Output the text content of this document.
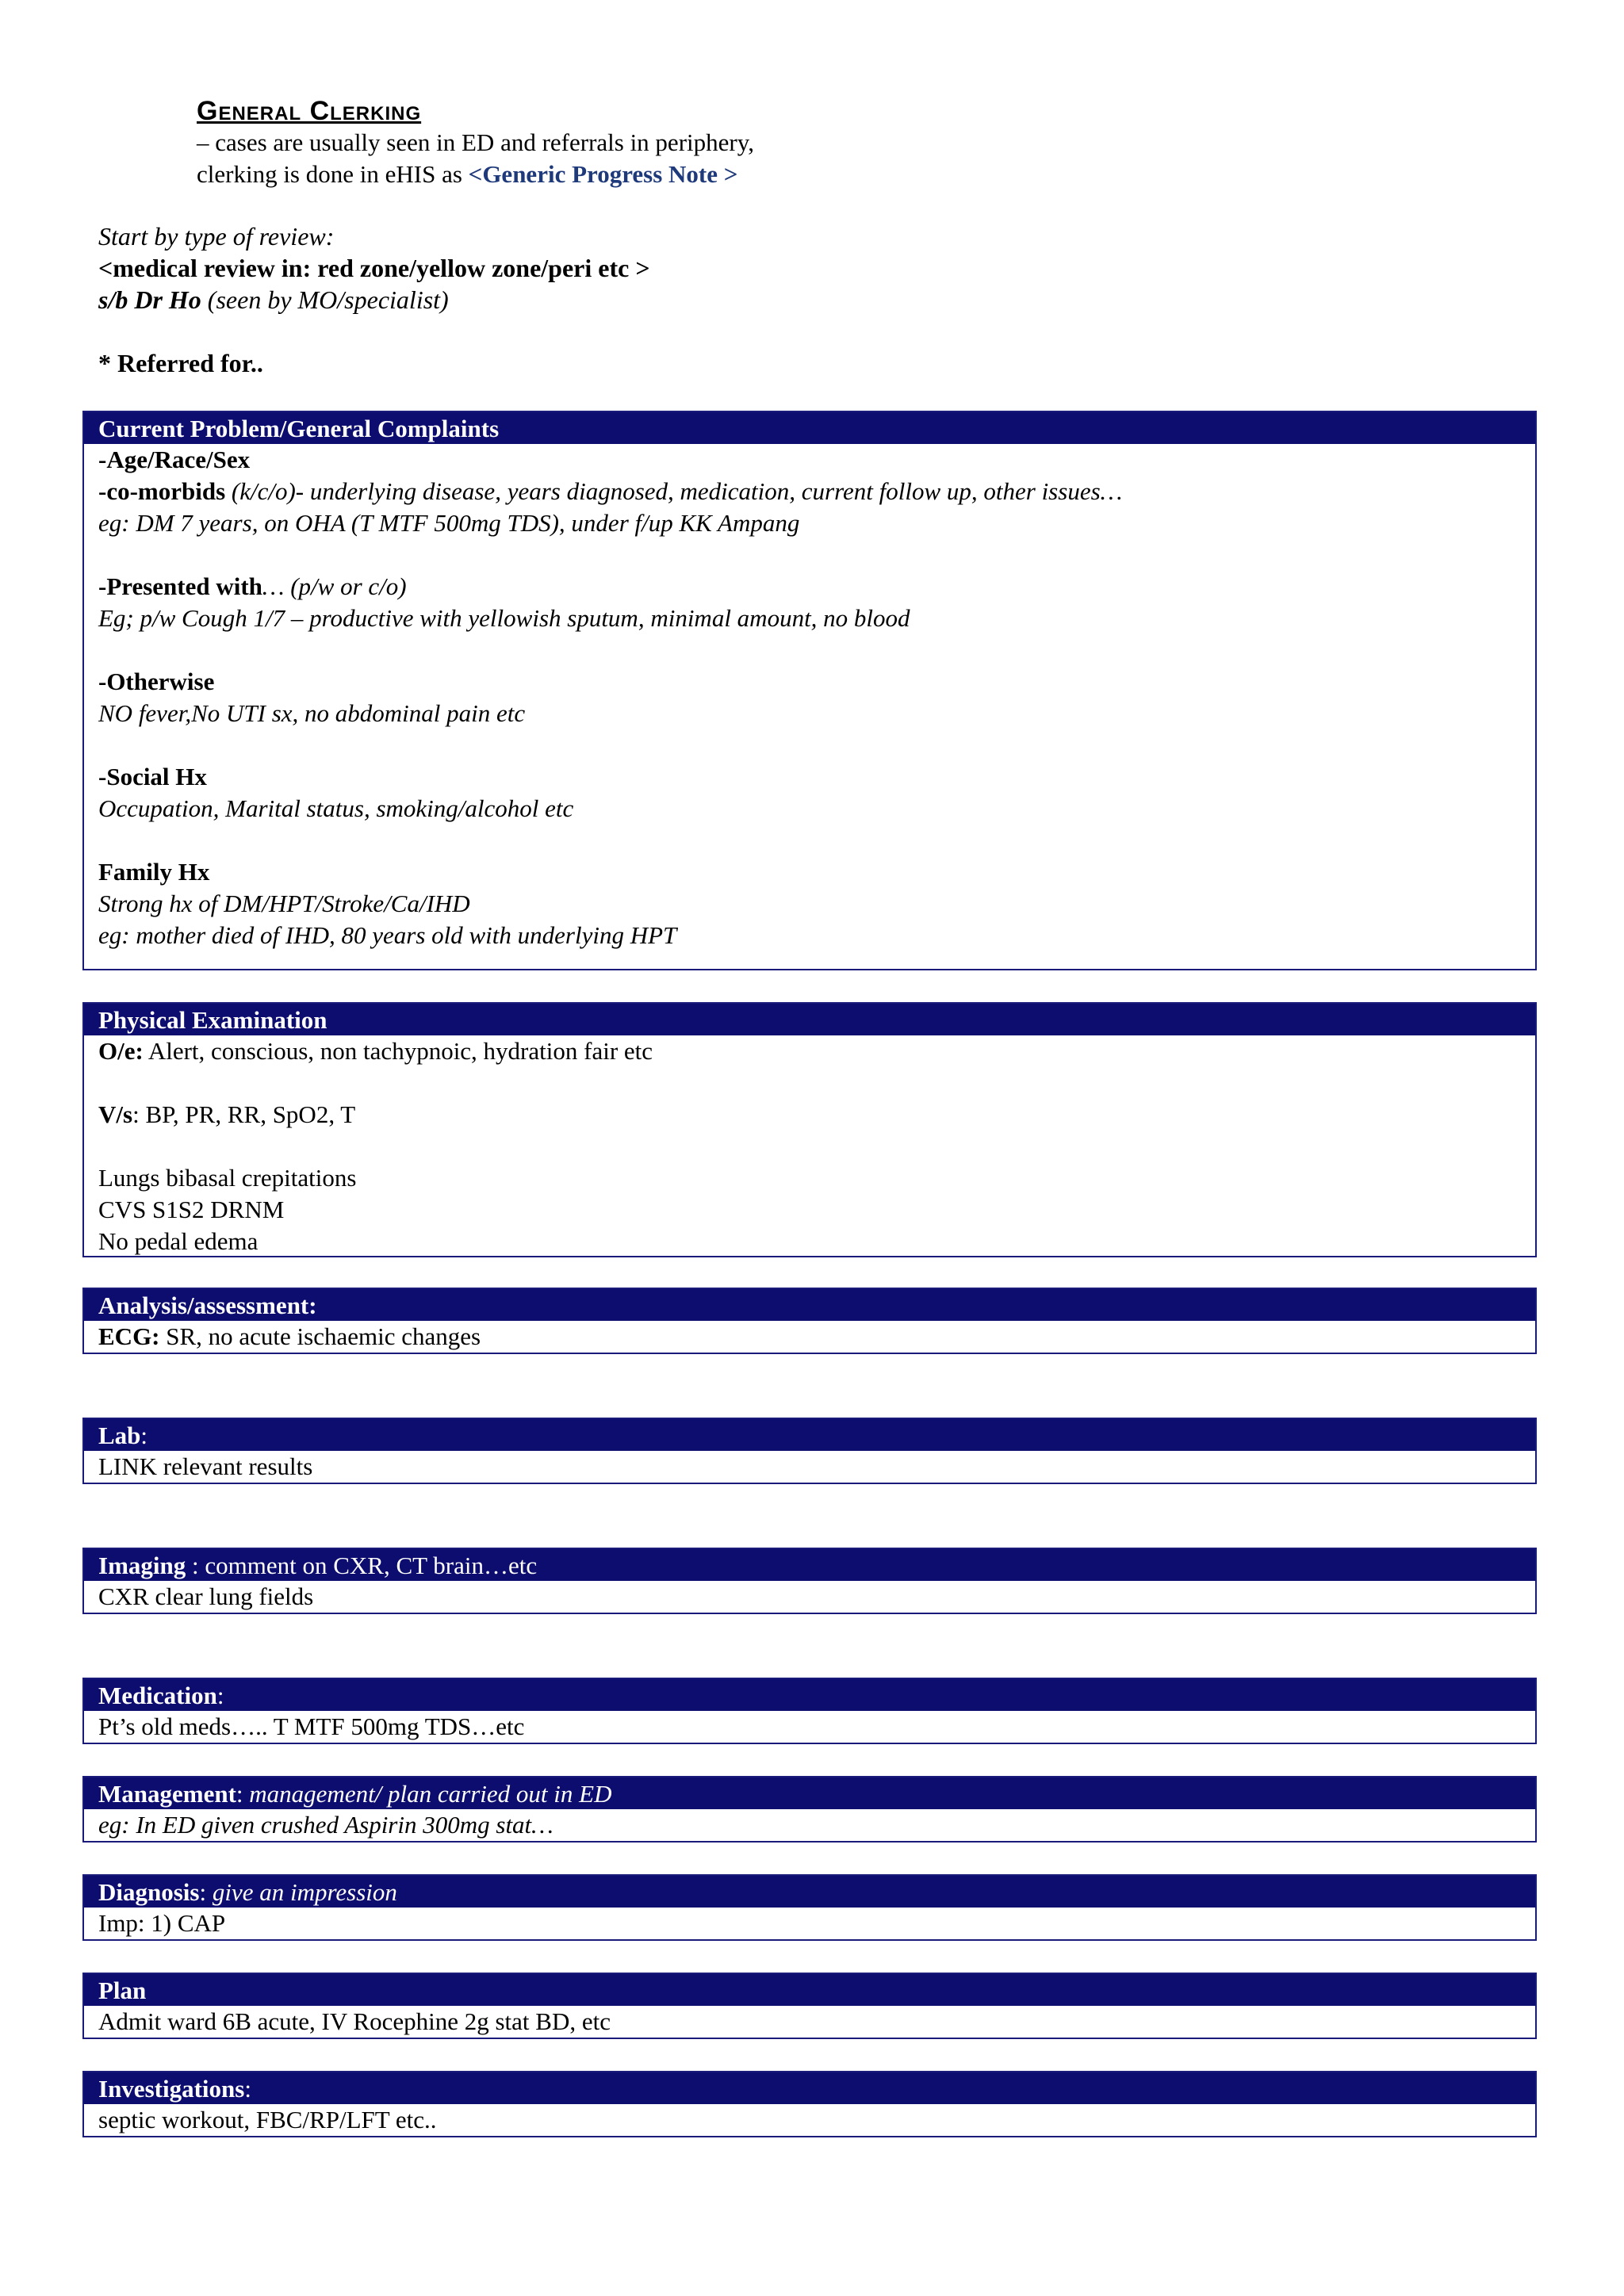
General Clerking
– cases are usually seen in ED and referrals in periphery,
clerking is done in eHIS as <Generic Progress Note >
Start by type of review:
<medical review in: red zone/yellow zone/peri etc >
s/b Dr Ho (seen by MO/specialist)
* Referred for..
Current Problem/General Complaints
-Age/Race/Sex
-co-morbids (k/c/o)- underlying disease, years diagnosed, medication, current follow up, other issues…
eg: DM 7 years, on OHA (T MTF 500mg TDS), under f/up KK Ampang
-Presented with… (p/w or c/o)
Eg; p/w Cough 1/7 – productive with yellowish sputum, minimal amount, no blood
-Otherwise
NO fever,No UTI sx, no abdominal pain etc
-Social Hx
Occupation, Marital status, smoking/alcohol etc
Family Hx
Strong hx of DM/HPT/Stroke/Ca/IHD
eg: mother died of IHD, 80 years old with underlying HPT
Physical Examination
O/e: Alert, conscious, non tachypnoic, hydration fair etc
V/s: BP, PR, RR, SpO2, T
Lungs bibasal crepitations
CVS S1S2 DRNM
No pedal edema
Analysis/assessment:
ECG: SR, no acute ischaemic changes
Lab:
LINK relevant results
Imaging : comment on CXR, CT brain…etc
CXR clear lung fields
Medication:
Pt’s old meds….. T MTF 500mg TDS…etc
Management: management/ plan carried out in ED
eg: In ED given crushed Aspirin 300mg stat…
Diagnosis: give an impression
Imp: 1) CAP
Plan
Admit ward 6B acute, IV Rocephine 2g stat BD, etc
Investigations:
septic workout, FBC/RP/LFT etc..
